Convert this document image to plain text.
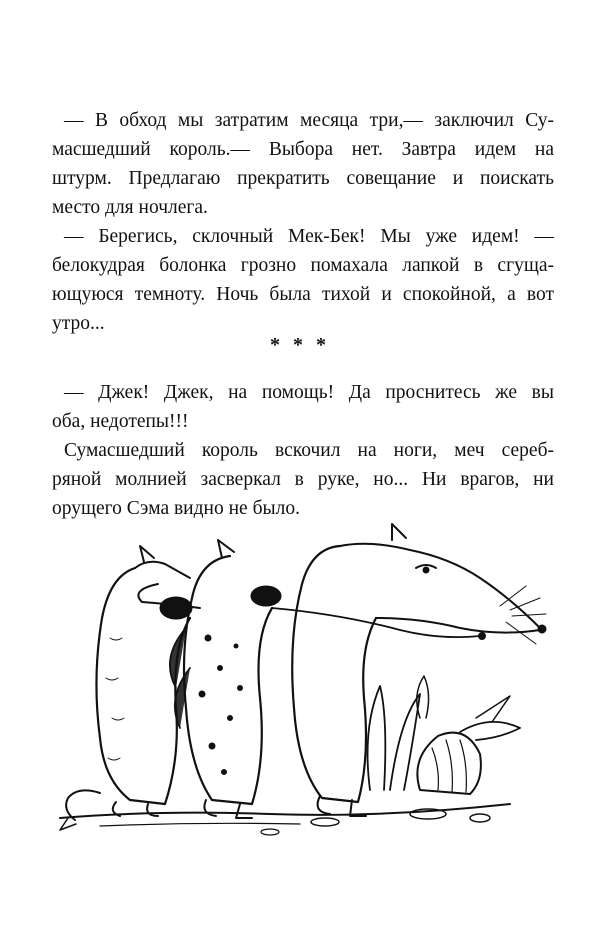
— В обход мы затратим месяца три,— заключил Су-
масшедший король.— Выбора нет. Завтра идем на
штурм. Предлагаю прекратить совещание и поискать
место для ночлега.

— Берегись, склочный Мек-Бек! Мы уже идем! —
белокудрая болонка грозно помахала лапкой в сгуща-
ющуюся темноту. Ночь была тихой и спокойной, а вот
утро...

* * *

— Джек! Джек, на помощь! Да проснитесь же вы
оба, недотепы!!!

Сумасшедший король вскочил на ноги, меч сереб-
ряной молнией засверкал в руке, но... Ни врагов, ни
орущего Сэма видно не было.
